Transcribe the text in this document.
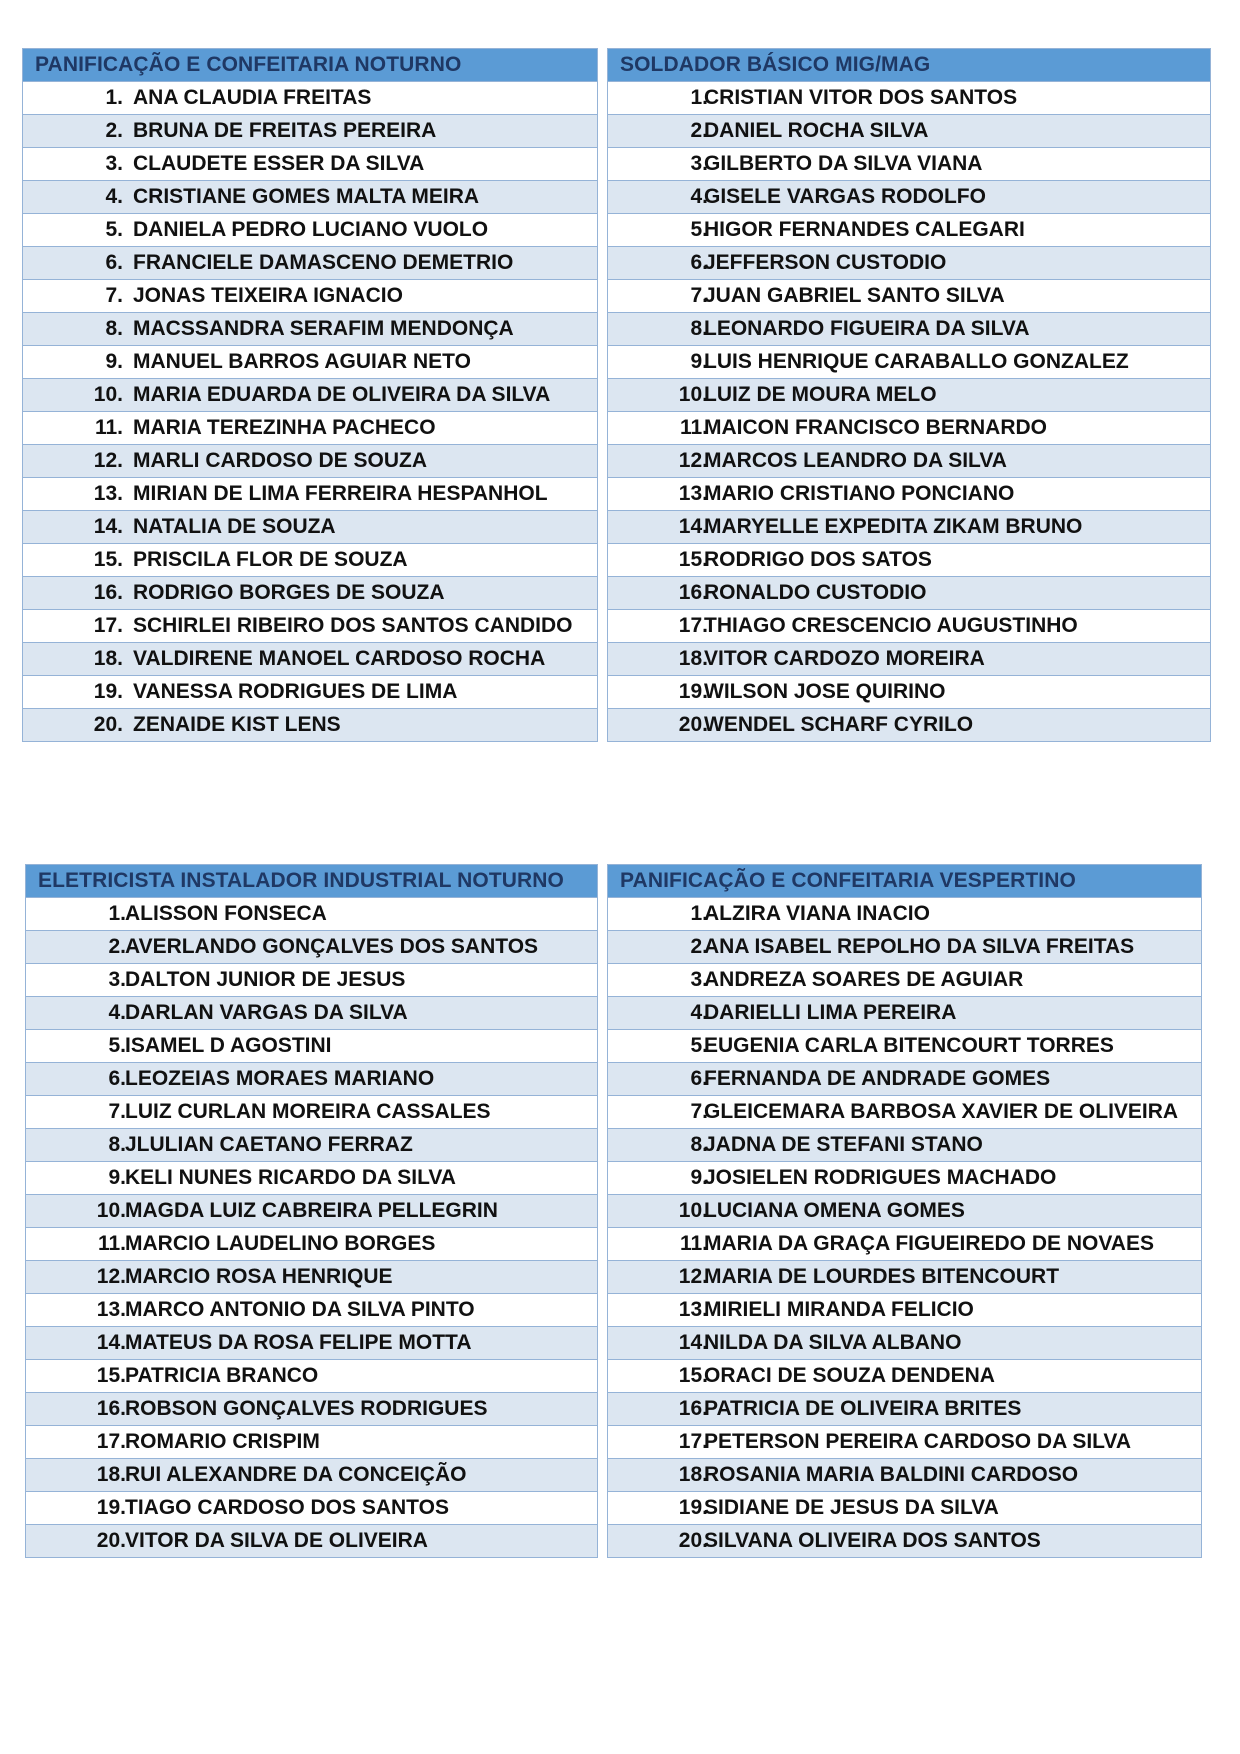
PANIFICAÇÃO E CONFEITARIA NOTURNO
1. ANA CLAUDIA FREITAS
2. BRUNA DE FREITAS PEREIRA
3. CLAUDETE ESSER DA SILVA
4. CRISTIANE GOMES MALTA MEIRA
5. DANIELA PEDRO LUCIANO VUOLO
6. FRANCIELE DAMASCENO DEMETRIO
7. JONAS TEIXEIRA IGNACIO
8. MACSSANDRA SERAFIM MENDONÇA
9. MANUEL BARROS AGUIAR NETO
10. MARIA EDUARDA DE OLIVEIRA DA SILVA
11. MARIA TEREZINHA PACHECO
12. MARLI CARDOSO DE SOUZA
13. MIRIAN DE LIMA FERREIRA HESPANHOL
14. NATALIA DE SOUZA
15. PRISCILA FLOR DE SOUZA
16. RODRIGO BORGES DE SOUZA
17. SCHIRLEI RIBEIRO DOS SANTOS CANDIDO
18. VALDIRENE MANOEL CARDOSO ROCHA
19. VANESSA RODRIGUES DE LIMA
20. ZENAIDE KIST LENS
SOLDADOR BÁSICO MIG/MAG
1.
CRISTIAN VITOR DOS SANTOS
2.
DANIEL ROCHA SILVA
3.
GILBERTO DA SILVA VIANA
4.
GISELE VARGAS RODOLFO
5.
HIGOR FERNANDES CALEGARI
6.
JEFFERSON CUSTODIO
7.
JUAN GABRIEL SANTO SILVA
8.
LEONARDO FIGUEIRA DA SILVA
9.
LUIS HENRIQUE CARABALLO GONZALEZ
10.
LUIZ DE MOURA MELO
11.
MAICON FRANCISCO BERNARDO
12.
MARCOS LEANDRO DA SILVA
13.
MARIO CRISTIANO PONCIANO
14.
MARYELLE EXPEDITA ZIKAM BRUNO
15.
RODRIGO DOS SATOS
16.
RONALDO CUSTODIO
17.
THIAGO CRESCENCIO AUGUSTINHO
18.
VITOR CARDOZO MOREIRA
19.
WILSON JOSE QUIRINO
20.
WENDEL SCHARF CYRILO
ELETRICISTA INSTALADOR INDUSTRIAL NOTURNO
1. ALISSON FONSECA
2. AVERLANDO GONÇALVES DOS SANTOS
3. DALTON JUNIOR DE JESUS
4. DARLAN VARGAS DA SILVA
5. ISAMEL D AGOSTINI
6. LEOZEIAS MORAES MARIANO
7. LUIZ CURLAN MOREIRA CASSALES
8. JLULIAN CAETANO FERRAZ
9. KELI NUNES RICARDO DA SILVA
10. MAGDA LUIZ CABREIRA PELLEGRIN
11. MARCIO LAUDELINO BORGES
12. MARCIO ROSA HENRIQUE
13. MARCO ANTONIO DA SILVA PINTO
14. MATEUS DA ROSA FELIPE MOTTA
15. PATRICIA BRANCO
16. ROBSON GONÇALVES RODRIGUES
17. ROMARIO CRISPIM
18. RUI ALEXANDRE DA CONCEIÇÃO
19. TIAGO CARDOSO DOS SANTOS
20. VITOR DA SILVA DE OLIVEIRA
PANIFICAÇÃO E CONFEITARIA VESPERTINO
1.
ALZIRA VIANA INACIO
2.
ANA ISABEL REPOLHO DA SILVA FREITAS
3.
ANDREZA SOARES DE AGUIAR
4.
DARIELLI LIMA PEREIRA
5.
EUGENIA CARLA BITENCOURT TORRES
6.
FERNANDA DE ANDRADE GOMES
7.
GLEICEMARA BARBOSA XAVIER DE OLIVEIRA
8.
JADNA DE STEFANI STANO
9.
JOSIELEN RODRIGUES MACHADO
10.
LUCIANA OMENA GOMES
11.
MARIA DA GRAÇA FIGUEIREDO DE NOVAES
12.
MARIA DE LOURDES BITENCOURT
13.
MIRIELI MIRANDA FELICIO
14.
NILDA DA SILVA ALBANO
15.
ORACI DE SOUZA DENDENA
16.
PATRICIA DE OLIVEIRA BRITES
17.
PETERSON PEREIRA CARDOSO DA SILVA
18.
ROSANIA MARIA BALDINI CARDOSO
19.
SIDIANE DE JESUS DA SILVA
20.
SILVANA OLIVEIRA DOS SANTOS
